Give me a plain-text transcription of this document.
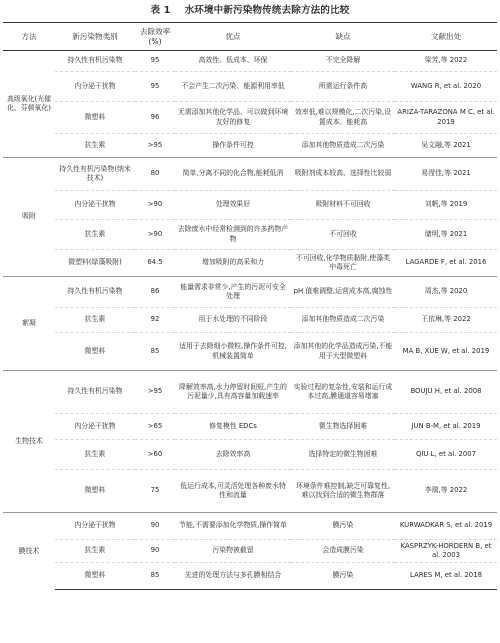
表 1 水环境中新污染物传统去除方法的比较
方法	新污染物类别	去除效率(%)	优点	缺点	文献出处
高级氧化(光催化、芬顿氧化)	持久性有机污染物	95	高效性、低成本、环保	不完全降解	梁芳,等 2022
	内分泌干扰物	95	不会产生二次污染、能源利用率低	所需运行条件高	WANG R, et al. 2020
	微塑料	96	无需添加其他化学品、可以做到环境友好的修复	效率低,难以规模化,二次污染,设置成本、能耗高	ARIZA-TARAZONA M C, et al. 2019
	抗生素	>95	操作条件可控	添加其他物质造成二次污染	吴文融,等 2021
吸附	持久性有机污染物(纳米技术)	80	简单,分离不同的化合物,能耗低消	吸附剂成本较高、选择性比较弱	易滢佳,等 2021
	内分泌干扰物	>90	处理效果好	吸附材料不可回收	刘帆,等 2019
	抗生素	>90	去除废水中经常检测到的许多药物产物	不可回收	储明,等 2021
	微塑料(绿藻吸附)	64.5	增加吸附的高采和力	不可回收,化学物质黏附,使藻类中毒死亡	LAGARDE F, et al. 2016
絮凝	持久性有机污染物	86	能量需求非常少,产生的污泥可安全处理	pH 值难调整,运营成本高,腐蚀性	周杰,等 2020
	抗生素	92	用于水处理的不同阶段	添加其他物质造成二次污染	王依琳,等 2022
	微塑料	85	适用于去除细小微粒,操作条件可控,机械装置简单	添加其他的化学品造成污染,不能用于大型微塑料	MA B, XUE W, et al. 2019
生物技术	持久性有机污染物	>95	降解效率高,水力停留时间短,产生的污泥量少,具有高容量加载速率	实验过程的复杂性,安装和运行成本过高,膜通道容易堵塞	BOUJU H, et al. 2008
	内分泌干扰物	>65	修复模性 EDCs	微生物选择困难	JUN B-M, et al. 2019
	抗生素	>60	去除效率高	选择特定的微生物困难	QIU L, et al. 2007
	微塑料	75	低运行成本,可灵活处理各种废水特性和流量	环境条件难控制,缺乏可靠复性,难以找到合适的微生物群落	李瑞,等 2022
膜技术	内分泌干扰物	90	节能,不需要添加化学物质,操作简单	膜污染	KURWADKAR S, et al. 2019
	抗生素	90	污染物被截留	会造成膜污染	KASPRZYK-HORDERN B, et al. 2003
	微塑料	85	先进的处理方法与多孔膜相结合	膜污染	LARES M, et al. 2018
